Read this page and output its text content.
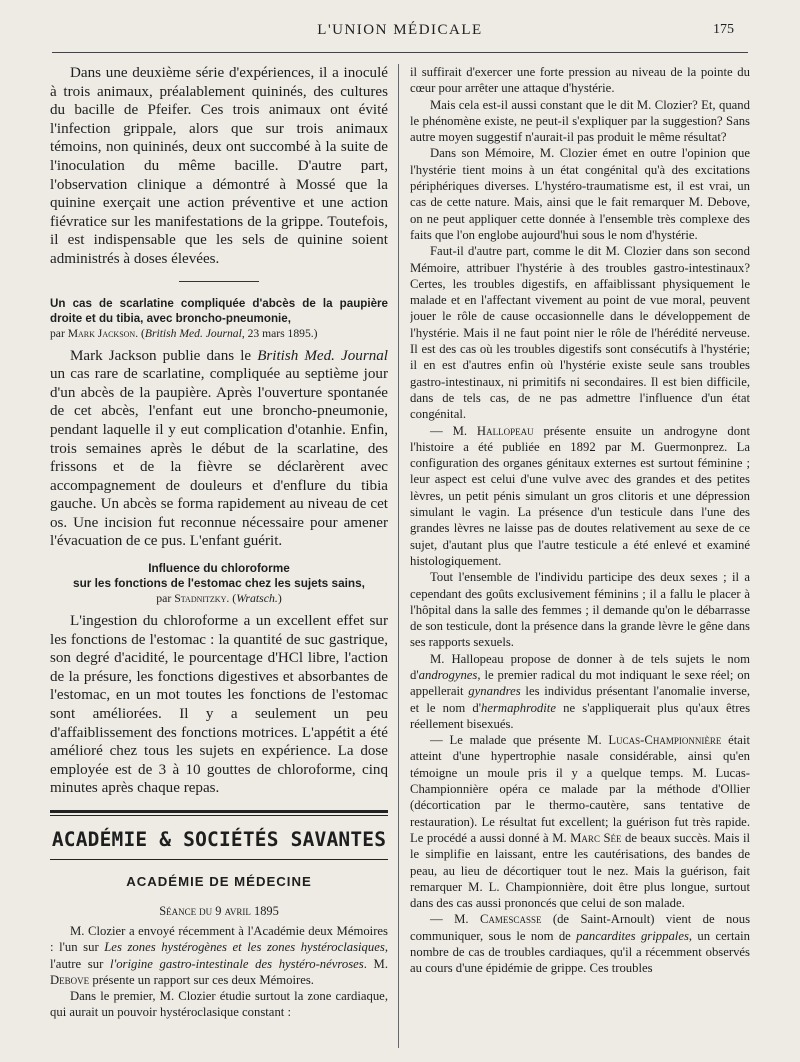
L'UNION MÉDICALE	175

Dans une deuxième série d'expériences, il a inoculé à trois animaux, préalablement quininés, des cultures du bacille de Pfeifer. Ces trois animaux ont évité l'infection grippale, alors que sur trois animaux témoins, non quininés, deux ont succombé à la suite de l'inoculation du même bacille. D'autre part, l'observation clinique a démontré à Mossé que la quinine exerçait une action préventive et une action fiévratice sur les manifestations de la grippe. Toutefois, il est indispensable que les sels de quinine soient administrés à doses élevées.

Un cas de scarlatine compliquée d'abcès de la paupière droite et du tibia, avec broncho-pneumonie,

par Mark Jackson. (British Med. Journal, 23 mars 1895.)

Mark Jackson publie dans le British Med. Journal un cas rare de scarlatine, compliquée au septième jour d'un abcès de la paupière. Après l'ouverture spontanée de cet abcès, l'enfant eut une broncho-pneumonie, pendant laquelle il y eut complication d'otanhie. Enfin, trois semaines après le début de la scarlatine, des frissons et de la fièvre se déclarèrent avec accompagnement de douleurs et d'enflure du tibia gauche. Un abcès se forma rapidement au niveau de cet os. Une incision fut reconnue nécessaire pour amener l'évacuation de ce pus. L'enfant guérit.

Influence du chloroforme
sur les fonctions de l'estomac chez les sujets sains,
par Stadnitzky. (Wratsch.)

L'ingestion du chloroforme a un excellent effet sur les fonctions de l'estomac : la quantité de suc gastrique, son degré d'acidité, le pourcentage d'HCl libre, l'action de la présure, les fonctions digestives et absorbantes de l'estomac, en un mot toutes les fonctions de l'estomac sont améliorées. Il y a seulement un peu d'affaiblissement des fonctions motrices. L'appétit a été amélioré chez tous les sujets en expérience. La dose employée est de 3 à 10 gouttes de chloroforme, cinq minutes après chaque repas.

ACADÉMIE & SOCIÉTÉS SAVANTES
ACADÉMIE DE MÉDECINE
Séance du 9 avril 1895

M. Clozier a envoyé récemment à l'Académie deux Mémoires : l'un sur Les zones hystérogènes et les zones hystéroclasiques, l'autre sur l'origine gastro-intestinale des hystéro-névroses. M. Debove présente un rapport sur ces deux Mémoires.

Dans le premier, M. Clozier étudie surtout la zone cardiaque, qui aurait un pouvoir hystéroclasique constant :

il suffirait d'exercer une forte pression au niveau de la pointe du cœur pour arrêter une attaque d'hystérie.

Mais cela est-il aussi constant que le dit M. Clozier? Et, quand le phénomène existe, ne peut-il s'expliquer par la suggestion? Sans autre moyen suggestif n'aurait-il pas produit le même résultat?

Dans son Mémoire, M. Clozier émet en outre l'opinion que l'hystérie tient moins à un état congénital qu'à des excitations périphériques diverses. L'hystéro-traumatisme est, il est vrai, un cas de cette nature. Mais, ainsi que le fait remarquer M. Debove, on ne peut appliquer cette donnée à l'ensemble très complexe des faits que l'on englobe aujourd'hui sous le nom d'hystérie.

Faut-il d'autre part, comme le dit M. Clozier dans son second Mémoire, attribuer l'hystérie à des troubles gastro-intestinaux? Certes, les troubles digestifs, en affaiblissant physiquement le malade et en l'affectant vivement au point de vue moral, peuvent jouer le rôle de cause occasionnelle dans le développement de l'hystérie. Mais il ne faut point nier le rôle de l'hérédité nerveuse. Il est des cas où les troubles digestifs sont consécutifs à l'hystérie; il en est d'autres enfin où l'hystérie existe seule sans troubles gastro-intestinaux, ni primitifs ni secondaires. Il est bien difficile, dans de tels cas, de ne pas admettre l'influence d'un état congénital.

— M. Hallopeau présente ensuite un androgyne dont l'histoire a été publiée en 1892 par M. Guermonprez. La configuration des organes génitaux externes est surtout féminine ; leur aspect est celui d'une vulve avec des grandes et des petites lèvres, un petit pénis simulant un gros clitoris et une dépression simulant le vagin. La présence d'un testicule dans l'une des grandes lèvres ne laisse pas de doutes relativement au sexe de ce sujet, d'autant plus que l'autre testicule a été enlevé et examiné histologiquement.

Tout l'ensemble de l'individu participe des deux sexes ; il a cependant des goûts exclusivement féminins ; il a fallu le placer à l'hôpital dans la salle des femmes ; il demande qu'on le débarrasse de son testicule, dont la présence dans la grande lèvre le gêne dans ses rapports sexuels.

M. Hallopeau propose de donner à de tels sujets le nom d'androgynes, le premier radical du mot indiquant le sexe réel; on appellerait gynandres les individus présentant l'anomalie inverse, et le nom d'hermaphrodite ne s'appliquerait plus qu'aux êtres réellement bisexués.

— Le malade que présente M. Lucas-Championnière était atteint d'une hypertrophie nasale considérable, ainsi qu'en témoigne un moule pris il y a quelque temps. M. Lucas-Championnière opéra ce malade par la méthode d'Ollier (décortication par le thermo-cautère, sans tentative de restauration). Le résultat fut excellent; la guérison fut très rapide. Le procédé a aussi donné à M. Marc Sée de beaux succès. Mais il le simplifie en laissant, entre les cautérisations, des bandes de peau, au lieu de décortiquer tout le nez. Mais la guérison, fait remarquer M. L. Championnière, doit être plus longue, surtout dans des cas aussi prononcés que celui de son malade.

— M. Camescasse (de Saint-Arnoult) vient de nous communiquer, sous le nom de pancardites grippales, un certain nombre de cas de troubles cardiaques, qu'il a récemment observés au cours d'une épidémie de grippe. Ces troubles
